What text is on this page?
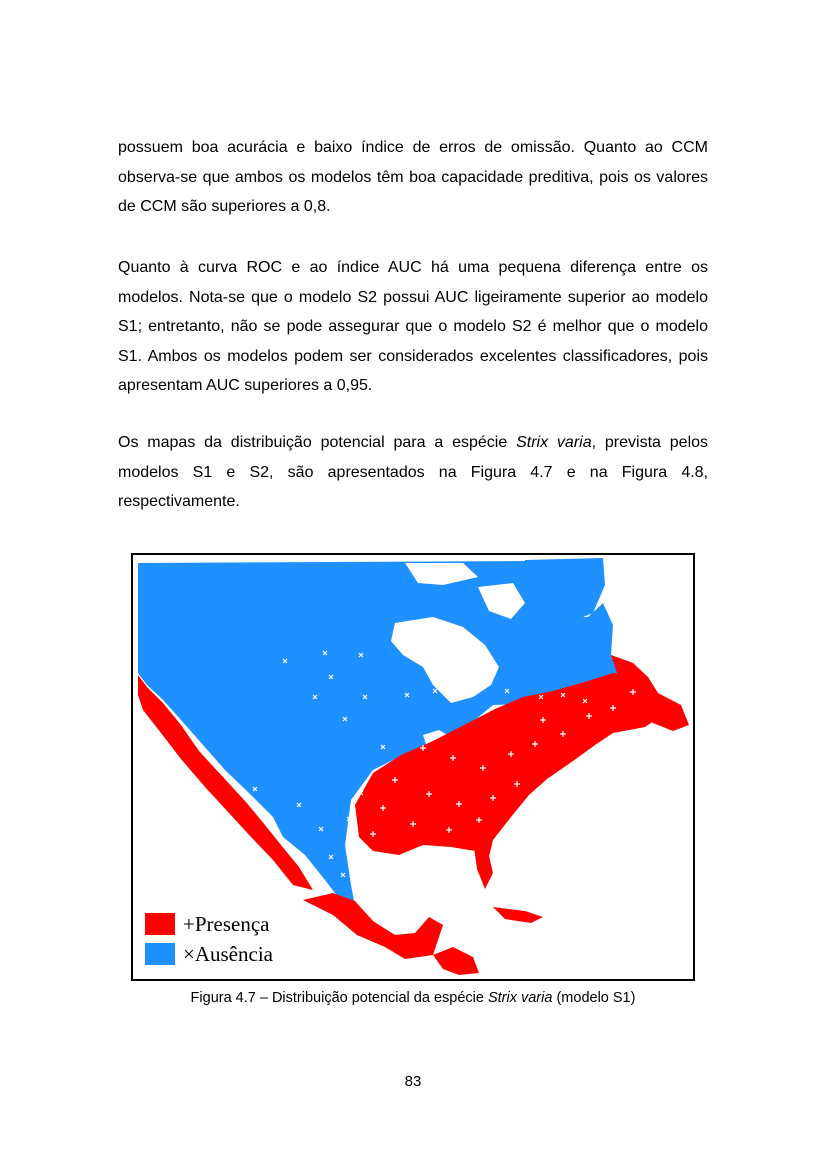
possuem boa acurácia e baixo índice de erros de omissão. Quanto ao CCM observa-se que ambos os modelos têm boa capacidade preditiva, pois os valores de CCM são superiores a 0,8.

Quanto à curva ROC e ao índice AUC há uma pequena diferença entre os modelos. Nota-se que o modelo S2 possui AUC ligeiramente superior ao modelo S1; entretanto, não se pode assegurar que o modelo S2 é melhor que o modelo S1. Ambos os modelos podem ser considerados excelentes classificadores, pois apresentam AUC superiores a 0,95.

Os mapas da distribuição potencial para a espécie Strix varia, prevista pelos modelos S1 e S2, são apresentados na Figura 4.7 e na Figura 4.8, respectivamente.

+Presença
×Ausência
Figura 4.7 – Distribuição potencial da espécie Strix varia (modelo S1)
83
